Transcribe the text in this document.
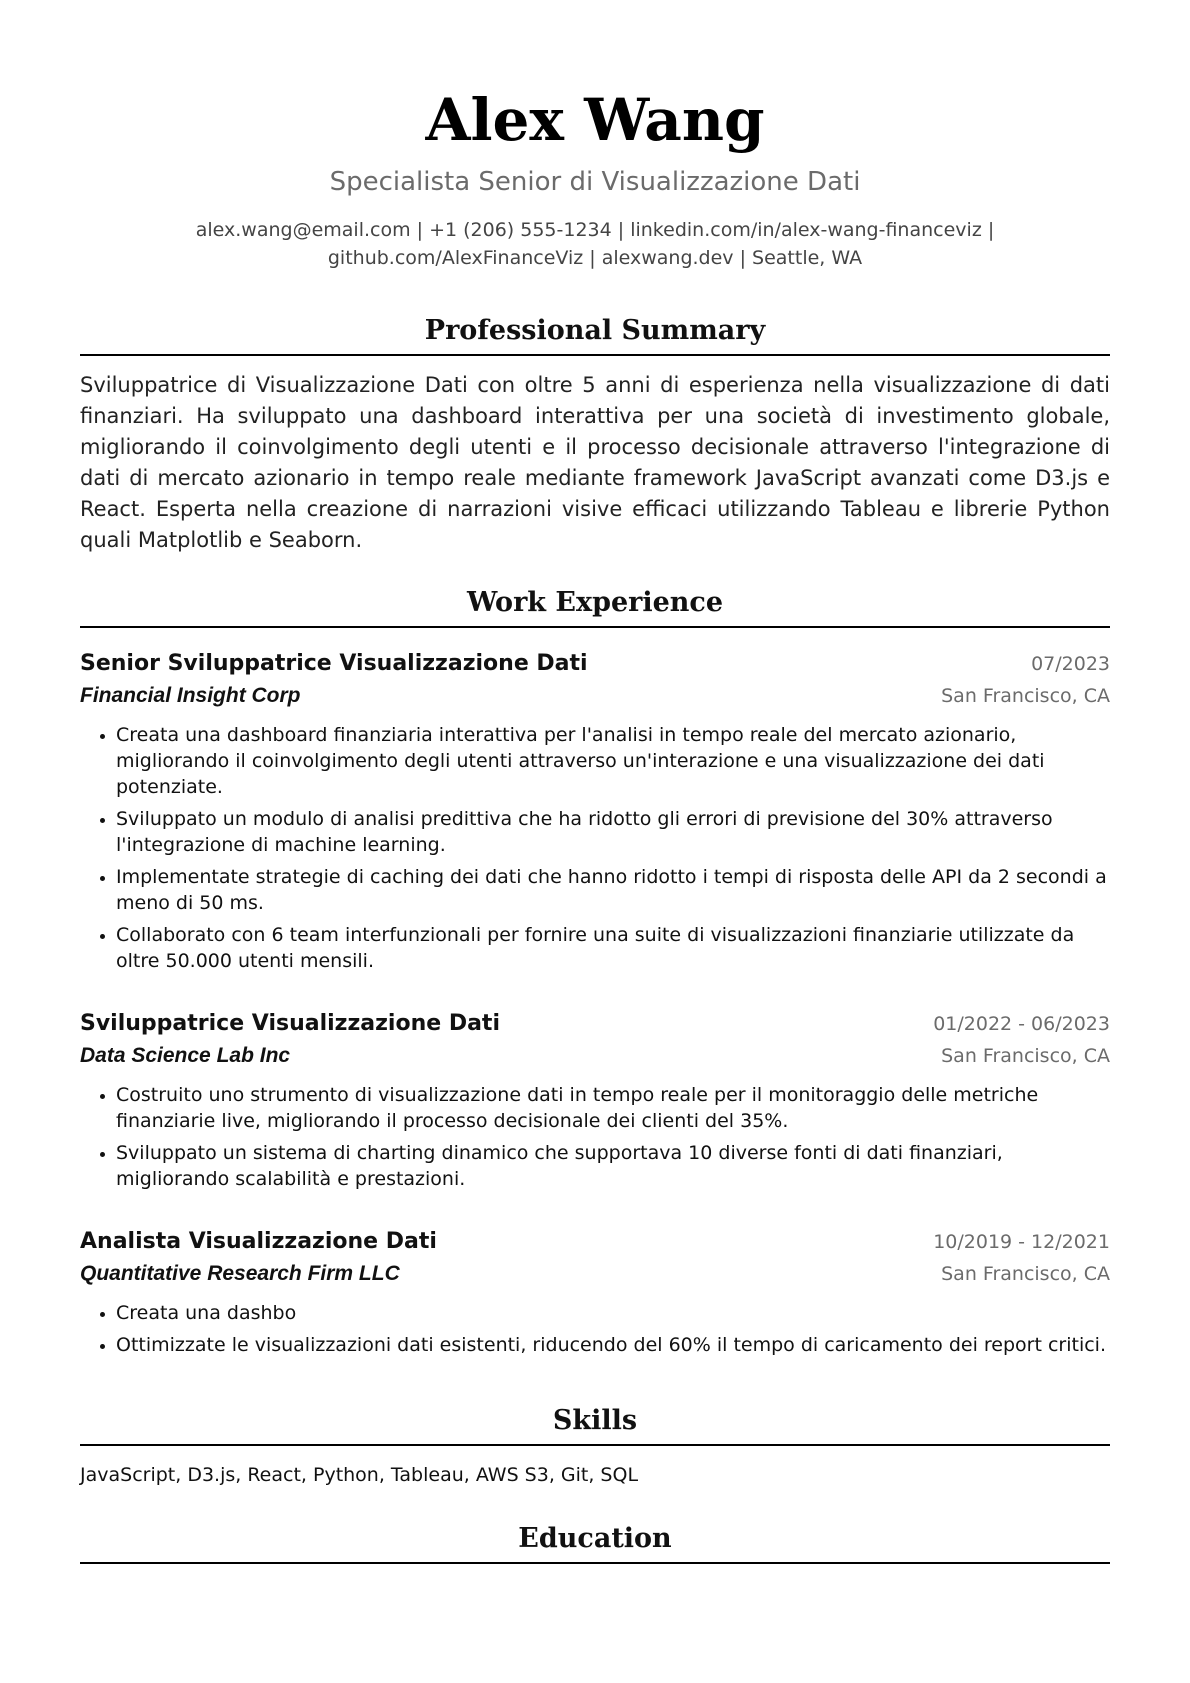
Alex Wang
Specialista Senior di Visualizzazione Dati
alex.wang@email.com | +1 (206) 555-1234 | linkedin.com/in/alex-wang-financeviz | github.com/AlexFinanceViz | alexwang.dev | Seattle, WA
Professional Summary

Sviluppatrice di Visualizzazione Dati con oltre 5 anni di esperienza nella visualizzazione di dati finanziari. Ha sviluppato una dashboard interattiva per una società di investimento globale, migliorando il coinvolgimento degli utenti e il processo decisionale attraverso l'integrazione di dati di mercato azionario in tempo reale mediante framework JavaScript avanzati come D3.js e React. Esperta nella creazione di narrazioni visive efficaci utilizzando Tableau e librerie Python quali Matplotlib e Seaborn.

Work Experience
Senior Sviluppatrice Visualizzazione Dati	07/2023
Financial Insight Corp	San Francisco, CA
• Creata una dashboard finanziaria interattiva per l'analisi in tempo reale del mercato azionario, migliorando il coinvolgimento degli utenti attraverso un'interazione e una visualizzazione dei dati potenziate.
• Sviluppato un modulo di analisi predittiva che ha ridotto gli errori di previsione del 30% attraverso l'integrazione di machine learning.
• Implementate strategie di caching dei dati che hanno ridotto i tempi di risposta delle API da 2 secondi a meno di 50 ms.
• Collaborato con 6 team interfunzionali per fornire una suite di visualizzazioni finanziarie utilizzate da oltre 50.000 utenti mensili.
Sviluppatrice Visualizzazione Dati	01/2022 - 06/2023
Data Science Lab Inc	San Francisco, CA
• Costruito uno strumento di visualizzazione dati in tempo reale per il monitoraggio delle metriche finanziarie live, migliorando il processo decisionale dei clienti del 35%.
• Sviluppato un sistema di charting dinamico che supportava 10 diverse fonti di dati finanziari, migliorando scalabilità e prestazioni.
Analista Visualizzazione Dati	10/2019 - 12/2021
Quantitative Research Firm LLC	San Francisco, CA
• Creata una dashbo
• Ottimizzate le visualizzazioni dati esistenti, riducendo del 60% il tempo di caricamento dei report critici.
Skills
JavaScript, D3.js, React, Python, Tableau, AWS S3, Git, SQL
Education
